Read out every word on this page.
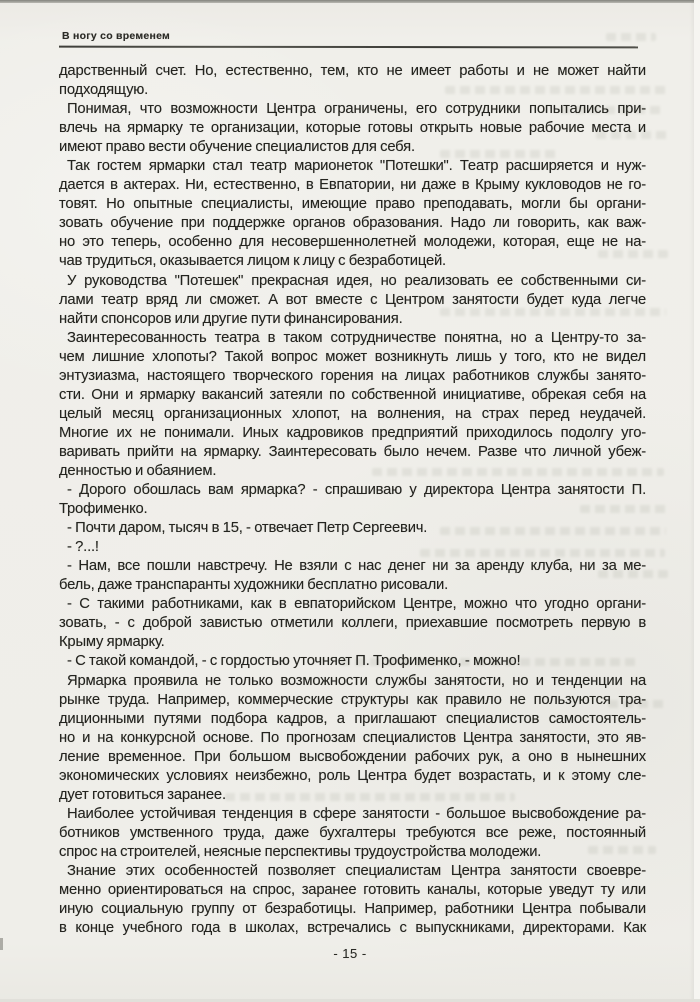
В ногу со временем
дарственный счет. Но, естественно, тем, кто не имеет работы и не может найти
подходящую.
Понимая, что возможности Центра ограничены, его сотрудники попытались при-
влечь на ярмарку те организации, которые готовы открыть новые рабочие места и
имеют право вести обучение специалистов для себя.
Так гостем ярмарки стал театр марионеток "Потешки". Театр расширяется и нуж-
дается в актерах. Ни, естественно, в Евпатории, ни даже в Крыму кукловодов не го-
товят. Но опытные специалисты, имеющие право преподавать, могли бы органи-
зовать обучение при поддержке органов образования. Надо ли говорить, как важ-
но это теперь, особенно для несовершеннолетней молодежи, которая, еще не на-
чав трудиться, оказывается лицом к лицу с безработицей.
У руководства "Потешек" прекрасная идея, но реализовать ее собственными си-
лами театр вряд ли сможет. А вот вместе с Центром занятости будет куда легче
найти спонсоров или другие пути финансирования.
Заинтересованность театра в таком сотрудничестве понятна, но а Центру-то за-
чем лишние хлопоты? Такой вопрос может возникнуть лишь у того, кто не видел
энтузиазма, настоящего творческого горения на лицах работников службы занято-
сти. Они и ярмарку вакансий затеяли по собственной инициативе, обрекая себя на
целый месяц организационных хлопот, на волнения, на страх перед неудачей.
Многие их не понимали. Иных кадровиков предприятий приходилось подолгу уго-
варивать прийти на ярмарку. Заинтересовать было нечем. Разве что личной убеж-
денностью и обаянием.
- Дорого обошлась вам ярмарка? - спрашиваю у директора Центра занятости П.
Трофименко.
- Почти даром, тысяч в 15, - отвечает Петр Сергеевич.
- ?...!
- Нам, все пошли навстречу. Не взяли с нас денег ни за аренду клуба, ни за ме-
бель, даже транспаранты художники бесплатно рисовали.
- С такими работниками, как в евпаторийском Центре, можно что угодно органи-
зовать, - с доброй завистью отметили коллеги, приехавшие посмотреть первую в
Крыму ярмарку.
- С такой командой, - с гордостью уточняет П. Трофименко, - можно!
Ярмарка проявила не только возможности службы занятости, но и тенденции на
рынке труда. Например, коммерческие структуры как правило не пользуются тра-
диционными путями подбора кадров, а приглашают специалистов самостоятель-
но и на конкурсной основе. По прогнозам специалистов Центра занятости, это яв-
ление временное. При большом высвобождении рабочих рук, а оно в нынешних
экономических условиях неизбежно, роль Центра будет возрастать, и к этому сле-
дует готовиться заранее.
Наиболее устойчивая тенденция в сфере занятости - большое высвобождение ра-
ботников умственного труда, даже бухгалтеры требуются все реже, постоянный
спрос на строителей, неясные перспективы трудоустройства молодежи.
Знание этих особенностей позволяет специалистам Центра занятости своевре-
менно ориентироваться на спрос, заранее готовить каналы, которые уведут ту или
иную социальную группу от безработицы. Например, работники Центра побывали
в конце учебного года в школах, встречались с выпускниками, директорами. Как
- 15 -
